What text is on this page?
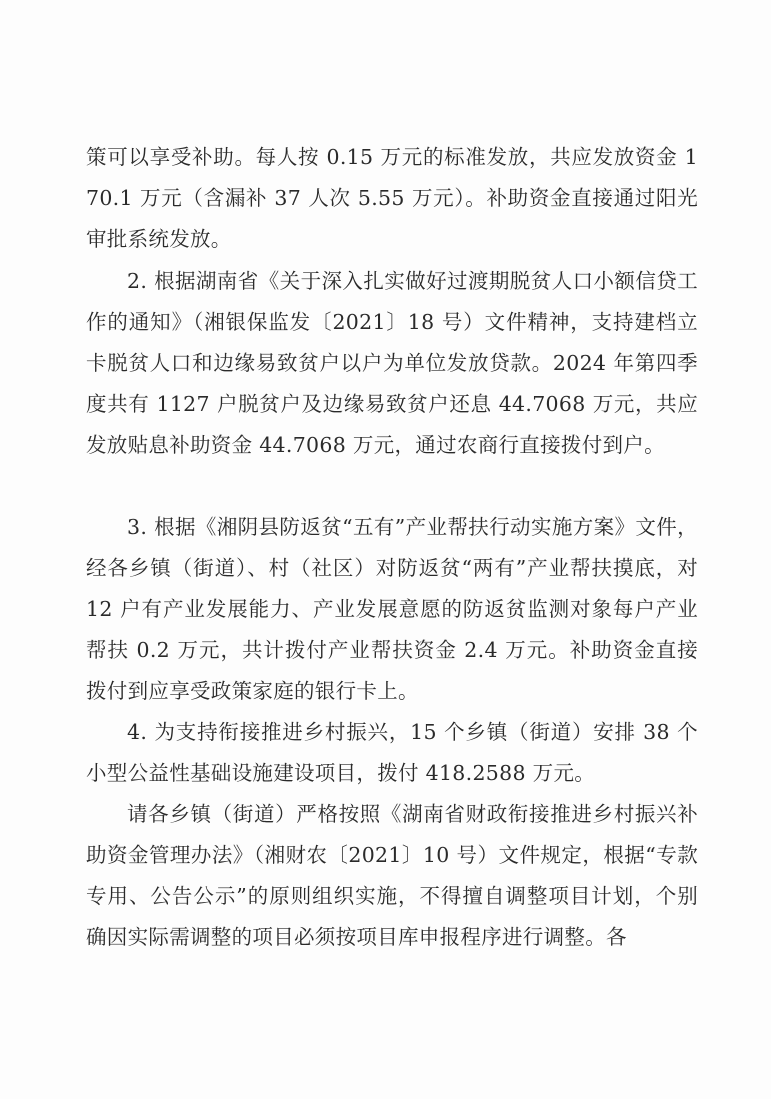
策可以享受补助。每人按 0.15 万元的标准发放，共应发放资金 170.1 万元（含漏补 37 人次 5.55 万元）。补助资金直接通过阳光审批系统发放。

2. 根据湖南省《关于深入扎实做好过渡期脱贫人口小额信贷工作的通知》（湘银保监发〔2021〕18 号）文件精神，支持建档立卡脱贫人口和边缘易致贫户以户为单位发放贷款。2024 年第四季度共有 1127 户脱贫户及边缘易致贫户还息 44.7068 万元，共应发放贴息补助资金 44.7068 万元，通过农商行直接拨付到户。

3. 根据《湘阴县防返贫“五有”产业帮扶行动实施方案》文件，经各乡镇（街道）、村（社区）对防返贫“两有”产业帮扶摸底，对 12 户有产业发展能力、产业发展意愿的防返贫监测对象每户产业帮扶 0.2 万元，共计拨付产业帮扶资金 2.4 万元。补助资金直接拨付到应享受政策家庭的银行卡上。

4. 为支持衔接推进乡村振兴，15 个乡镇（街道）安排 38 个小型公益性基础设施建设项目，拨付 418.2588 万元。

请各乡镇（街道）严格按照《湖南省财政衔接推进乡村振兴补助资金管理办法》（湘财农〔2021〕10 号）文件规定，根据“专款专用、公告公示”的原则组织实施，不得擅自调整项目计划，个别确因实际需调整的项目必须按项目库申报程序进行调整。各
